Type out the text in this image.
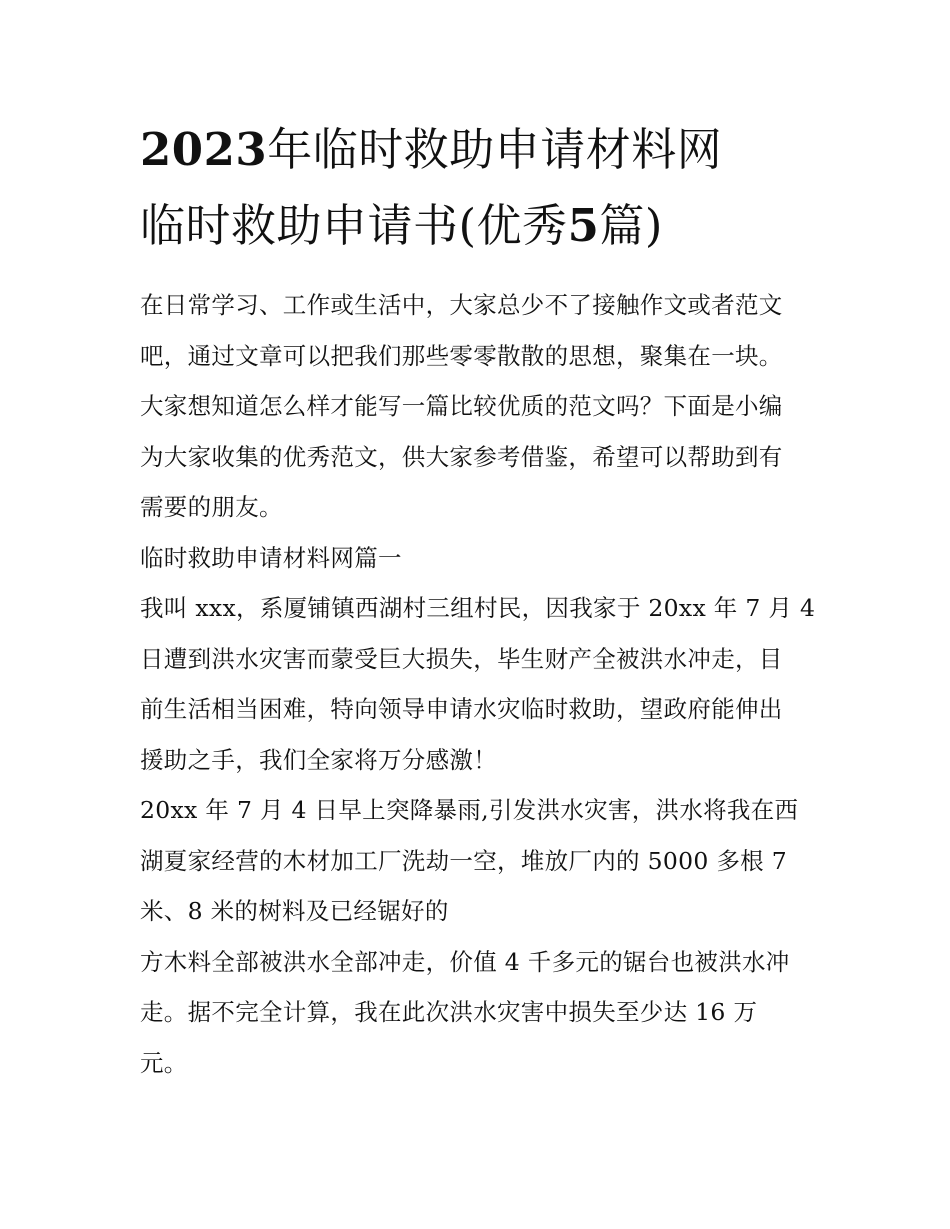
2023年临时救助申请材料网
临时救助申请书(优秀5篇)
在日常学习、工作或生活中，大家总少不了接触作文或者范文
吧，通过文章可以把我们那些零零散散的思想，聚集在一块。
大家想知道怎么样才能写一篇比较优质的范文吗？下面是小编
为大家收集的优秀范文，供大家参考借鉴，希望可以帮助到有
需要的朋友。
临时救助申请材料网篇一
我叫 xxx，系厦铺镇西湖村三组村民，因我家于 20xx 年 7 月 4
日遭到洪水灾害而蒙受巨大损失，毕生财产全被洪水冲走，目
前生活相当困难，特向领导申请水灾临时救助，望政府能伸出
援助之手，我们全家将万分感激！
20xx 年 7 月 4 日早上突降暴雨,引发洪水灾害，洪水将我在西
湖夏家经营的木材加工厂洗劫一空，堆放厂内的 5000 多根 7
米、8 米的树料及已经锯好的
方木料全部被洪水全部冲走，价值 4 千多元的锯台也被洪水冲
走。据不完全计算，我在此次洪水灾害中损失至少达 16 万
元。
